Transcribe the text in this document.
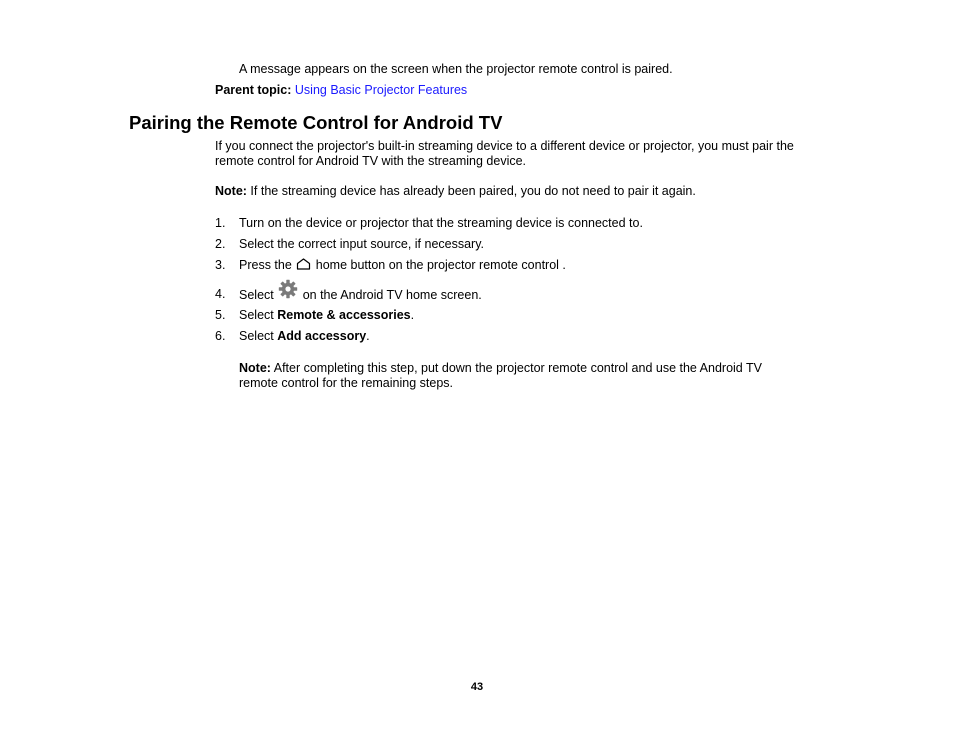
A message appears on the screen when the projector remote control is paired.
Parent topic: Using Basic Projector Features
Pairing the Remote Control for Android TV
If you connect the projector's built-in streaming device to a different device or projector, you must pair the
remote control for Android TV with the streaming device.
Note: If the streaming device has already been paired, you do not need to pair it again.
1. Turn on the device or projector that the streaming device is connected to.
2. Select the correct input source, if necessary.
3. Press the  home button on the projector remote control .
4. Select  on the Android TV home screen.
5. Select Remote & accessories.
6. Select Add accessory.
Note: After completing this step, put down the projector remote control and use the Android TV
remote control for the remaining steps.
43
